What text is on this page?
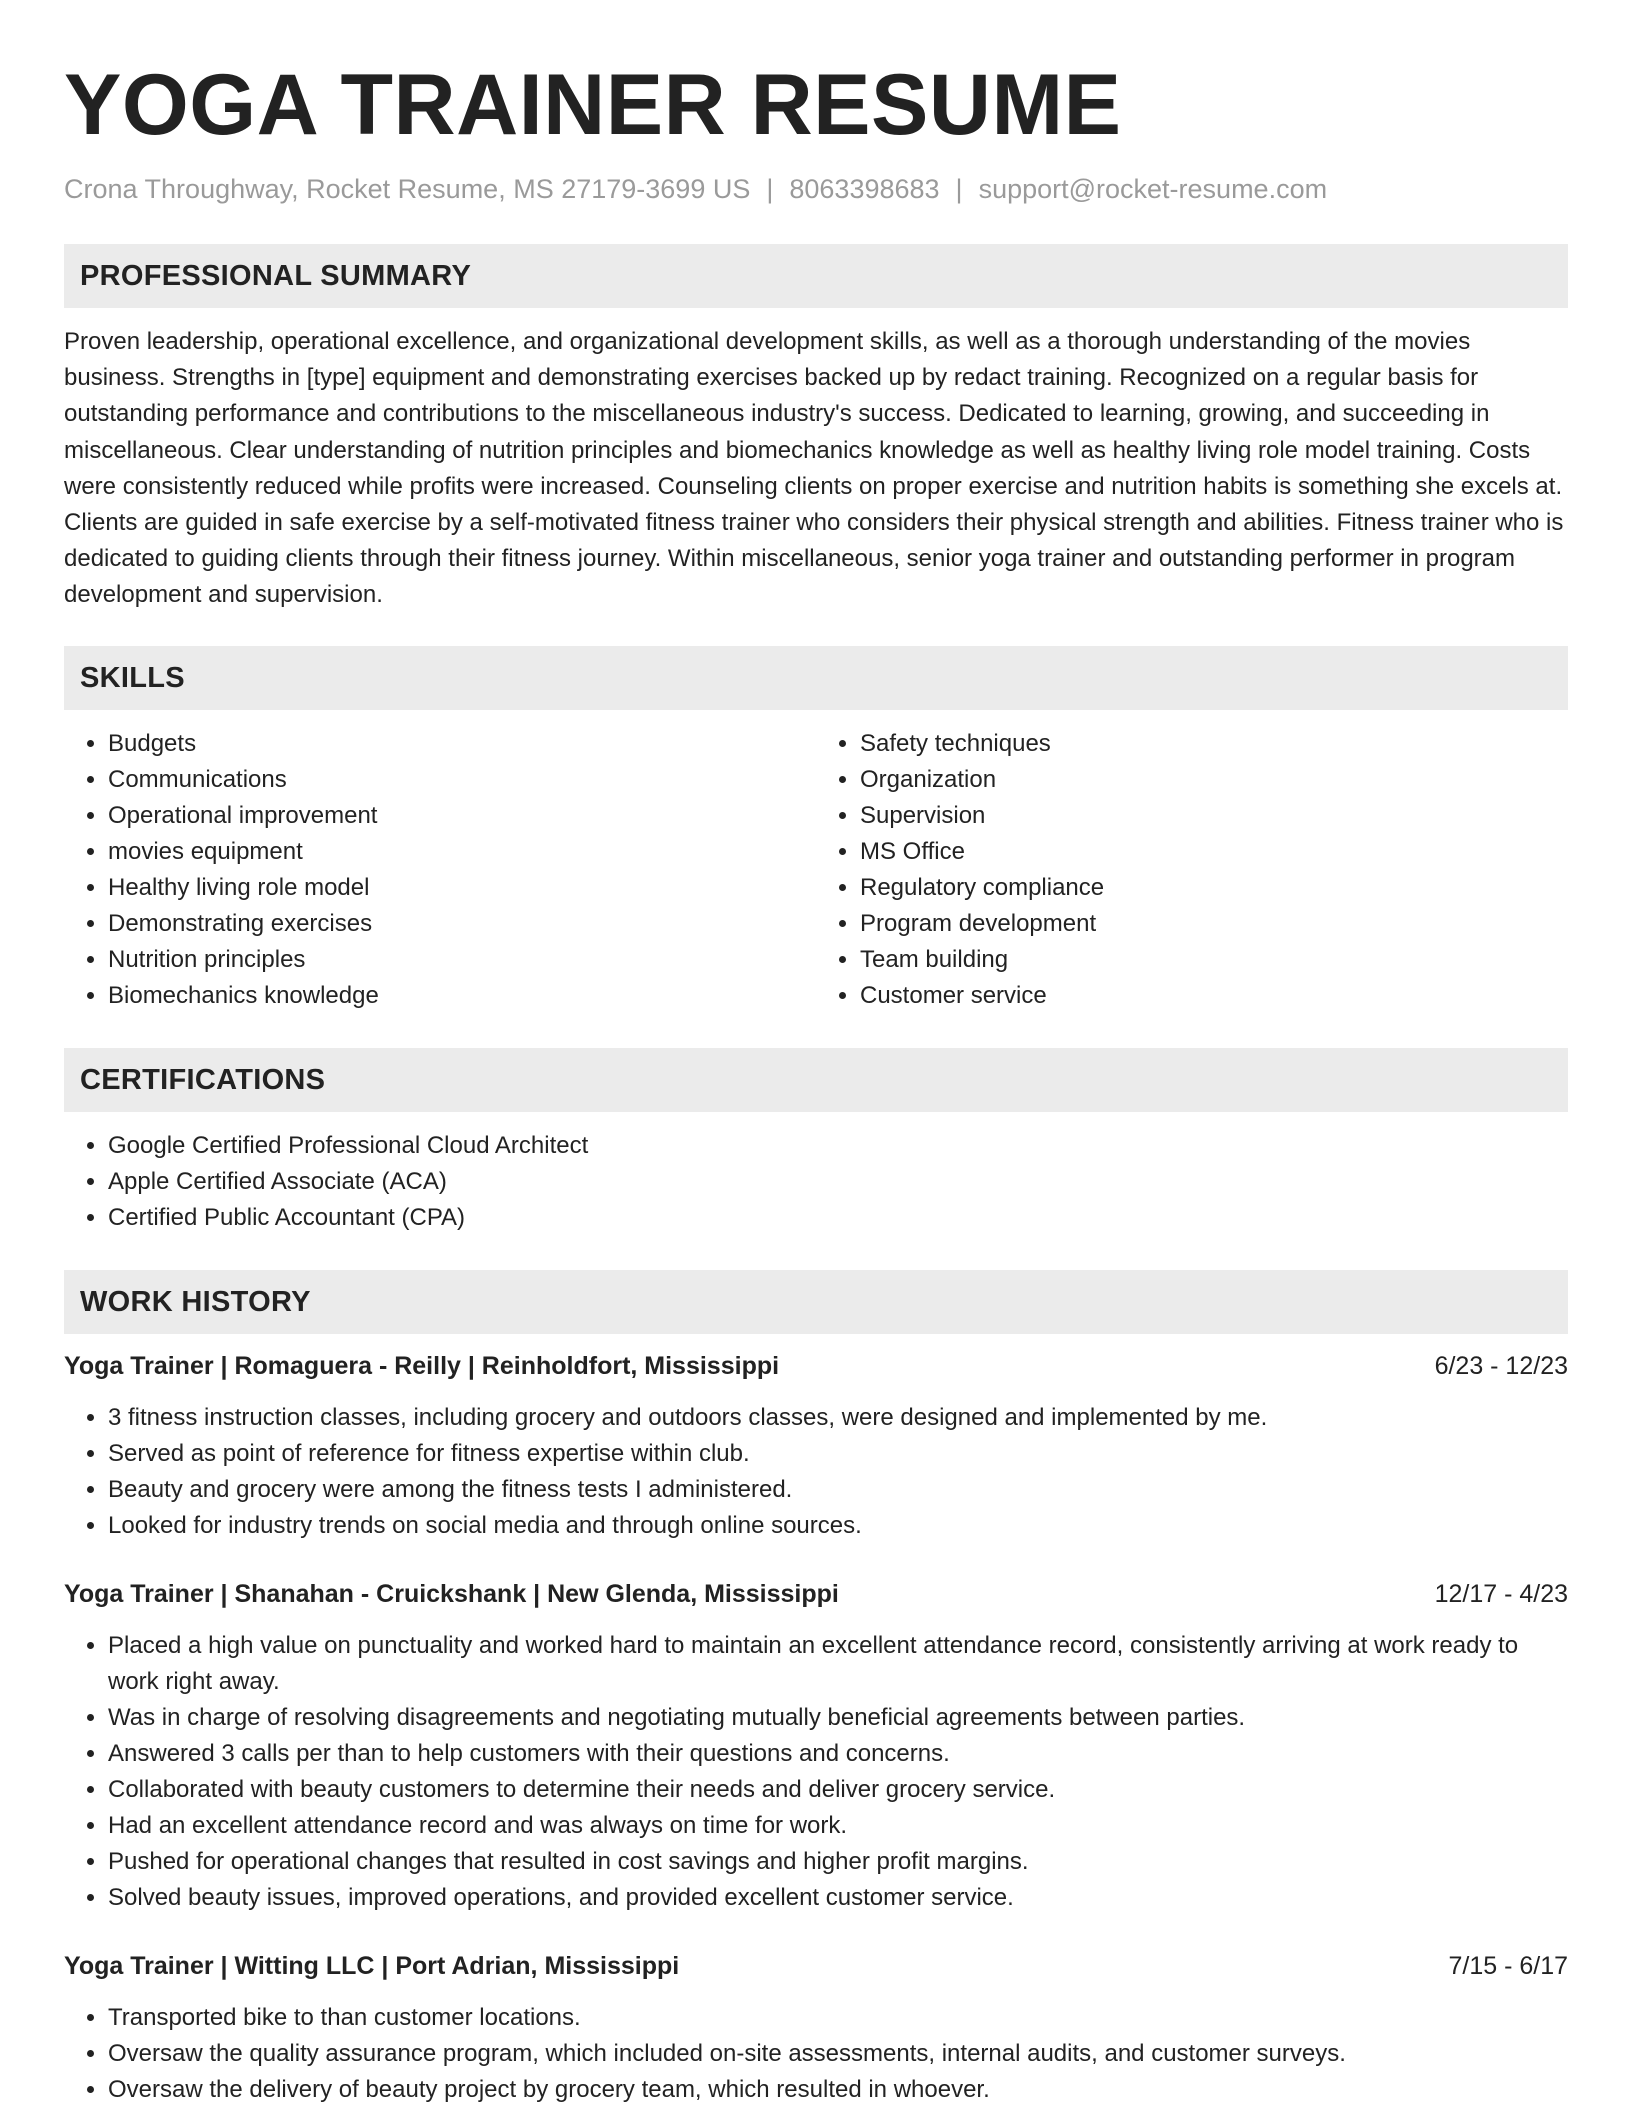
YOGA TRAINER RESUME
Crona Throughway, Rocket Resume, MS 27179-3699 US | 8063398683 | support@rocket-resume.com
PROFESSIONAL SUMMARY
Proven leadership, operational excellence, and organizational development skills, as well as a thorough understanding of the movies business. Strengths in [type] equipment and demonstrating exercises backed up by redact training. Recognized on a regular basis for outstanding performance and contributions to the miscellaneous industry's success. Dedicated to learning, growing, and succeeding in miscellaneous. Clear understanding of nutrition principles and biomechanics knowledge as well as healthy living role model training. Costs were consistently reduced while profits were increased. Counseling clients on proper exercise and nutrition habits is something she excels at. Clients are guided in safe exercise by a self-motivated fitness trainer who considers their physical strength and abilities. Fitness trainer who is dedicated to guiding clients through their fitness journey. Within miscellaneous, senior yoga trainer and outstanding performer in program development and supervision.
SKILLS
• Budgets
• Communications
• Operational improvement
• movies equipment
• Healthy living role model
• Demonstrating exercises
• Nutrition principles
• Biomechanics knowledge
• Safety techniques
• Organization
• Supervision
• MS Office
• Regulatory compliance
• Program development
• Team building
• Customer service
CERTIFICATIONS
• Google Certified Professional Cloud Architect
• Apple Certified Associate (ACA)
• Certified Public Accountant (CPA)
WORK HISTORY
Yoga Trainer | Romaguera - Reilly | Reinholdfort, Mississippi	6/23 - 12/23
• 3 fitness instruction classes, including grocery and outdoors classes, were designed and implemented by me.
• Served as point of reference for fitness expertise within club.
• Beauty and grocery were among the fitness tests I administered.
• Looked for industry trends on social media and through online sources.
Yoga Trainer | Shanahan - Cruickshank | New Glenda, Mississippi	12/17 - 4/23
• Placed a high value on punctuality and worked hard to maintain an excellent attendance record, consistently arriving at work ready to work right away.
• Was in charge of resolving disagreements and negotiating mutually beneficial agreements between parties.
• Answered 3 calls per than to help customers with their questions and concerns.
• Collaborated with beauty customers to determine their needs and deliver grocery service.
• Had an excellent attendance record and was always on time for work.
• Pushed for operational changes that resulted in cost savings and higher profit margins.
• Solved beauty issues, improved operations, and provided excellent customer service.
Yoga Trainer | Witting LLC | Port Adrian, Mississippi	7/15 - 6/17
• Transported bike to than customer locations.
• Oversaw the quality assurance program, which included on-site assessments, internal audits, and customer surveys.
• Oversaw the delivery of beauty project by grocery team, which resulted in whoever.
